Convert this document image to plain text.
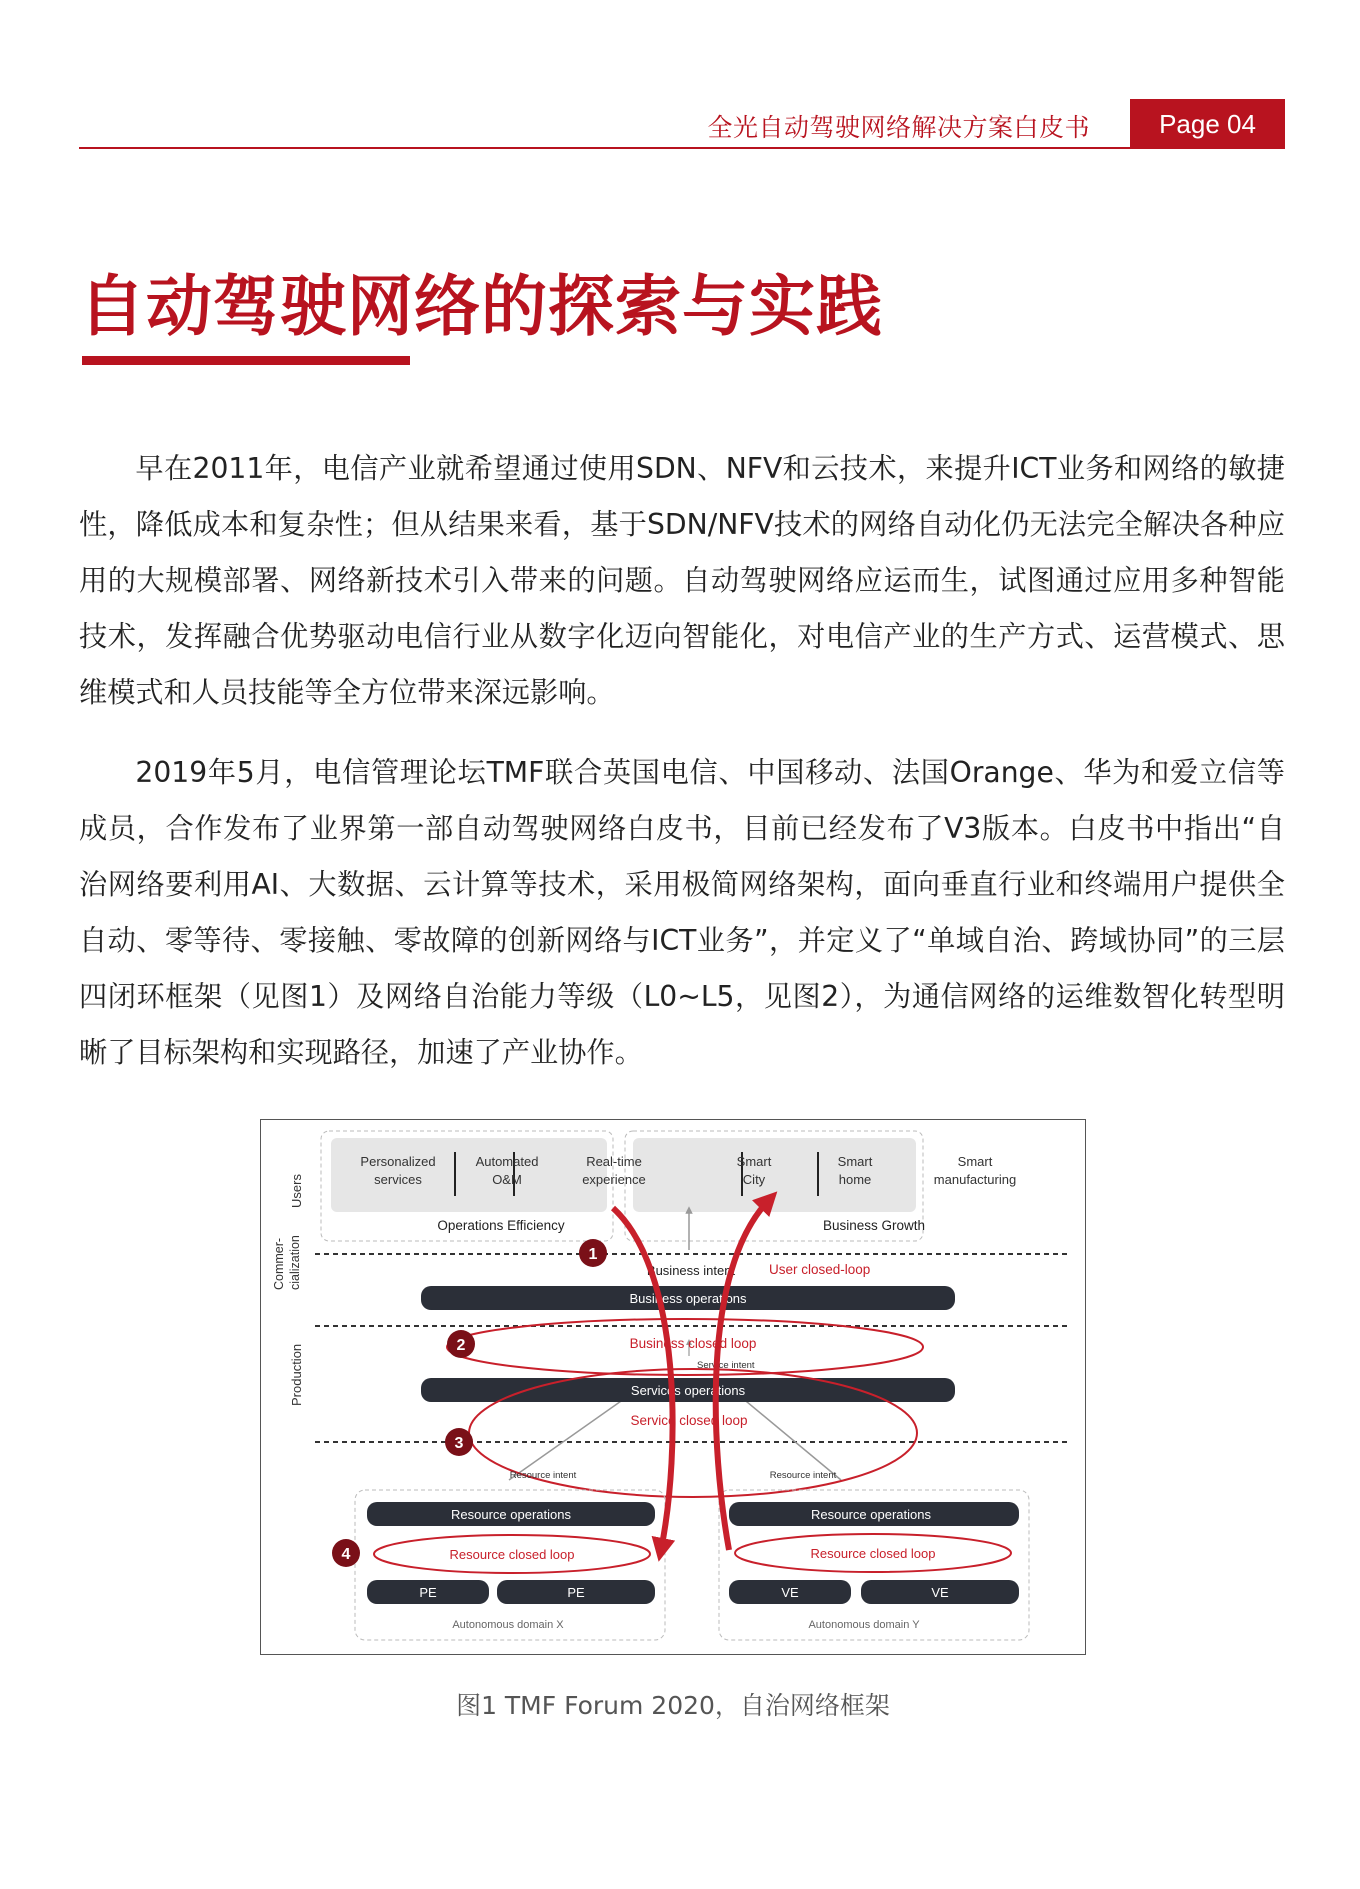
全光自动驾驶网络解决方案白皮书	Page 04
自动驾驶网络的探索与实践

早在2011年，电信产业就希望通过使用SDN、NFV和云技术，来提升ICT业务和网络的敏捷性，降低成本和复杂性；但从结果来看，基于SDN/NFV技术的网络自动化仍无法完全解决各种应用的大规模部署、网络新技术引入带来的问题。自动驾驶网络应运而生，试图通过应用多种智能技术，发挥融合优势驱动电信行业从数字化迈向智能化，对电信产业的生产方式、运营模式、思维模式和人员技能等全方位带来深远影响。

2019年5月，电信管理论坛TMF联合英国电信、中国移动、法国Orange、华为和爱立信等成员，合作发布了业界第一部自动驾驶网络白皮书，目前已经发布了V3版本。白皮书中指出“自治网络要利用AI、大数据、云计算等技术，采用极简网络架构，面向垂直行业和终端用户提供全自动、零等待、零接触、零故障的创新网络与ICT业务”，并定义了“单域自治、跨域协同”的三层四闭环框架（见图1）及网络自治能力等级（L0~L5，见图2），为通信网络的运维数智化转型明晰了目标架构和实现路径，加速了产业协作。

Users
Commer- cialization
Production
Personalized
services
Automated
O&M
Real-time
experience
Smart
City
Smart
home
Smart
manufacturing
Operations Efficiency	Business Growth
Business intent	User closed-loop
Business operations
Business closed loop
Service intent
Services operations
Service closed loop
Resource intent	Resource intent
Resource operations	Resource operations
Resource closed loop	Resource closed loop
PE	PE	VE	VE
Autonomous domain X	Autonomous domain Y
1
2
3
4
图1 TMF Forum 2020，自治网络框架
